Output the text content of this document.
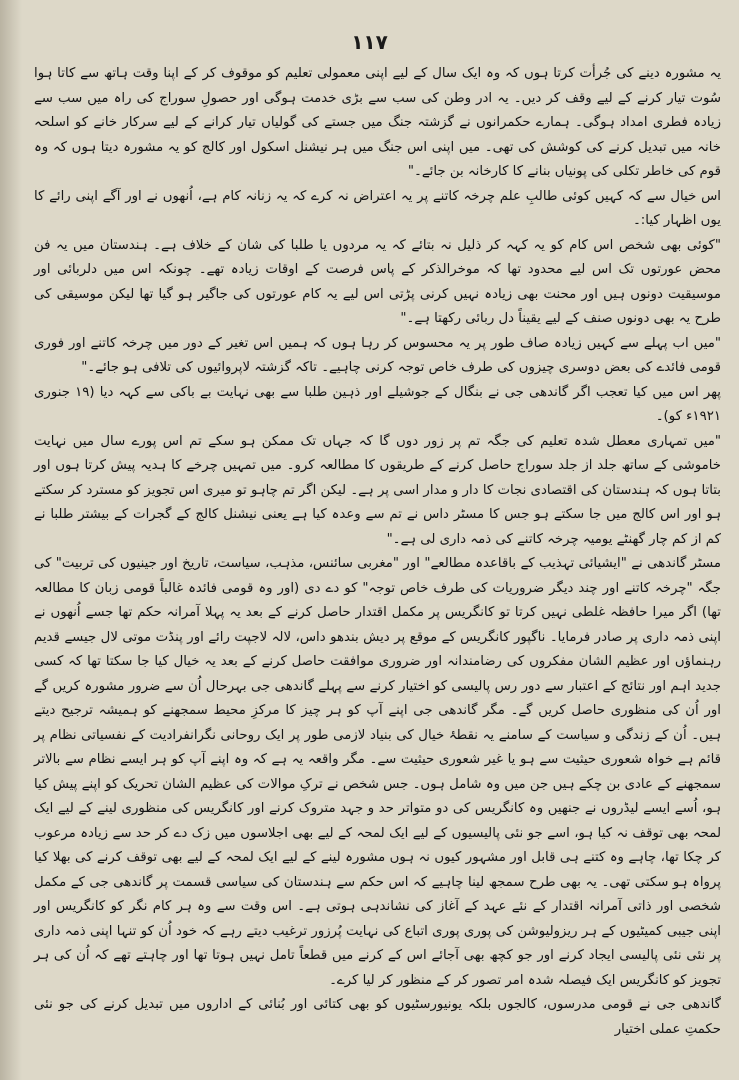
۱۱۷

یہ مشورہ دینے کی جُرأت کرتا ہوں کہ وہ ایک سال کے لیے اپنی معمولی تعلیم کو موقوف کر کے اپنا وقت ہاتھ سے کاتا ہوا سُوت تیار کرنے کے لیے وقف کر دیں۔ یہ ادر وطن کی سب سے بڑی خدمت ہوگی اور حصولِ سوراج کی راہ میں سب سے زیادہ فطری امداد ہوگی۔ ہمارے حکمرانوں نے گزشتہ جنگ میں جستے کی گولیاں تیار کرانے کے لیے سرکار خانے کو اسلحہ خانہ میں تبدیل کرنے کی کوشش کی تھی۔ میں اپنی اس جنگ میں ہر نیشنل اسکول اور کالج کو یہ مشورہ دیتا ہوں کہ وہ قوم کی خاطر تکلی کی پونیاں بنانے کا کارخانہ بن جائے۔"

اس خیال سے کہ کہیں کوئی طالبِ علم چرخہ کاتنے پر یہ اعتراض نہ کرے کہ یہ زنانہ کام ہے، اُنھوں نے اور آگے اپنی رائے کا یوں اظہار کیا:۔

"کوئی بھی شخص اس کام کو یہ کہہ کر ذلیل نہ بتائے کہ یہ مردوں یا طلبا کی شان کے خلاف ہے۔ ہندستان میں یہ فن محض عورتوں تک اس لیے محدود تھا کہ موخرالذکر کے پاس فرصت کے اوقات زیادہ تھے۔ چونکہ اس میں دلربائی اور موسیقیت دونوں ہیں اور محنت بھی زیادہ نہیں کرنی پڑتی اس لیے یہ کام عورتوں کی جاگیر ہو گیا تھا لیکن موسیقی کی طرح یہ بھی دونوں صنف کے لیے یقیناً دل ربائی رکھتا ہے۔"

"میں اب پہلے سے کہیں زیادہ صاف طور پر یہ محسوس کر رہا ہوں کہ ہمیں اس تغیر کے دور میں چرخہ کاتنے اور فوری قومی فائدے کی بعض دوسری چیزوں کی طرف خاص توجہ کرنی چاہیے۔ تاکہ گزشتہ لاپروائیوں کی تلافی ہو جائے۔"

پھر اس میں کیا تعجب اگر گاندھی جی نے بنگال کے جوشیلے اور ذہین طلبا سے بھی نہایت بے باکی سے کہہ دیا (۱۹ جنوری ۱۹۲۱ء کو)۔

"میں تمہاری معطل شدہ تعلیم کی جگہ تم پر زور دوں گا کہ جہاں تک ممکن ہو سکے تم اس پورے سال میں نہایت خاموشی کے ساتھ جلد از جلد سوراج حاصل کرنے کے طریقوں کا مطالعہ کرو۔ میں تمہیں چرخے کا ہدیہ پیش کرتا ہوں اور بتاتا ہوں کہ ہندستان کی اقتصادی نجات کا دار و مدار اسی پر ہے۔ لیکن اگر تم چاہو تو میری اس تجویز کو مسترد کر سکتے ہو اور اس کالج میں جا سکتے ہو جس کا مسٹر داس نے تم سے وعدہ کیا ہے یعنی نیشنل کالج کے گجرات کے بیشتر طلبا نے کم از کم چار گھنٹے یومیہ چرخہ کاتنے کی ذمہ داری لی ہے۔"

مسٹر گاندھی نے "ایشیائی تہذیب کے باقاعدہ مطالعے" اور "مغربی سائنس، مذہب، سیاست، تاریخ اور جینیوں کی تربیت" کی جگہ "چرخہ کاتنے اور چند دیگر ضروریات کی طرف خاص توجہ" کو دے دی (اور وہ قومی فائدہ غالباً قومی زبان کا مطالعہ تھا) اگر میرا حافظہ غلطی نہیں کرتا تو کانگریس پر مکمل اقتدار حاصل کرنے کے بعد یہ پہلا آمرانہ حکم تھا جسے اُنھوں نے اپنی ذمہ داری پر صادر فرمایا۔ ناگپور کانگریس کے موقع پر دیش بندھو داس، لالہ لاجپت رائے اور پنڈت موتی لال جیسے قدیم رہنماؤں اور عظیم الشان مفکروں کی رضامندانہ اور ضروری موافقت حاصل کرنے کے بعد یہ خیال کیا جا سکتا تھا کہ کسی جدید اہم اور نتائج کے اعتبار سے دور رس پالیسی کو اختیار کرنے سے پہلے گاندھی جی بہرحال اُن سے ضرور مشورہ کریں گے اور اُن کی منظوری حاصل کریں گے۔ مگر گاندھی جی اپنے آپ کو ہر چیز کا مرکزِ محیط سمجھنے کو ہمیشہ ترجیح دیتے ہیں۔ اُن کے زندگی و سیاست کے سامنے یہ نقطۂ خیال کی بنیاد لازمی طور پر ایک روحانی نگرانفرادیت کے نفسیاتی نظام پر قائم ہے خواہ شعوری حیثیت سے ہو یا غیر شعوری حیثیت سے۔ مگر واقعہ یہ ہے کہ وہ اپنے آپ کو ہر ایسے نظام سے بالاتر سمجھنے کے عادی بن چکے ہیں جن میں وہ شامل ہوں۔ جس شخص نے ترکِ موالات کی عظیم الشان تحریک کو اپنے پیش کیا ہو، اُسے ایسے لیڈروں نے جنھیں وہ کانگریس کی دو متواتر حد و جہد متروک کرنے اور کانگریس کی منظوری لینے کے لیے ایک لمحہ بھی توقف نہ کیا ہو، اسے جو نئی پالیسیوں کے لیے ایک لمحہ کے لیے بھی اجلاسوں میں زک دے کر حد سے زیادہ مرعوب کر چکا تھا، چاہے وہ کتنے ہی قابل اور مشہور کیوں نہ ہوں مشورہ لینے کے لیے ایک لمحہ کے لیے بھی توقف کرنے کی بھلا کیا پرواہ ہو سکتی تھی۔ یہ بھی طرح سمجھ لینا چاہیے کہ اس حکم سے ہندستان کی سیاسی قسمت پر گاندھی جی کے مکمل شخصی اور ذاتی آمرانہ اقتدار کے نئے عہد کے آغاز کی نشاندہی ہوتی ہے۔ اس وقت سے وہ ہر کام نگر کو کانگریس اور اپنی جیبی کمیٹیوں کے ہر ریزولیوشن کی پوری پوری اتباع کی نہایت پُرزور ترغیب دیتے رہے کہ خود اُن کو تنہا اپنی ذمہ داری پر نئی نئی پالیسی ایجاد کرنے اور جو کچھ بھی آجائے اس کے کرنے میں قطعاً تامل نہیں ہوتا تھا اور چاہتے تھے کہ اُن کی ہر تجویز کو کانگریس ایک فیصلہ شدہ امر تصور کر کے منظور کر لیا کرے۔

گاندھی جی نے قومی مدرسوں، کالجوں بلکہ یونیورسٹیوں کو بھی کتائی اور بُنائی کے اداروں میں تبدیل کرنے کی جو نئی حکمتِ عملی اختیار
